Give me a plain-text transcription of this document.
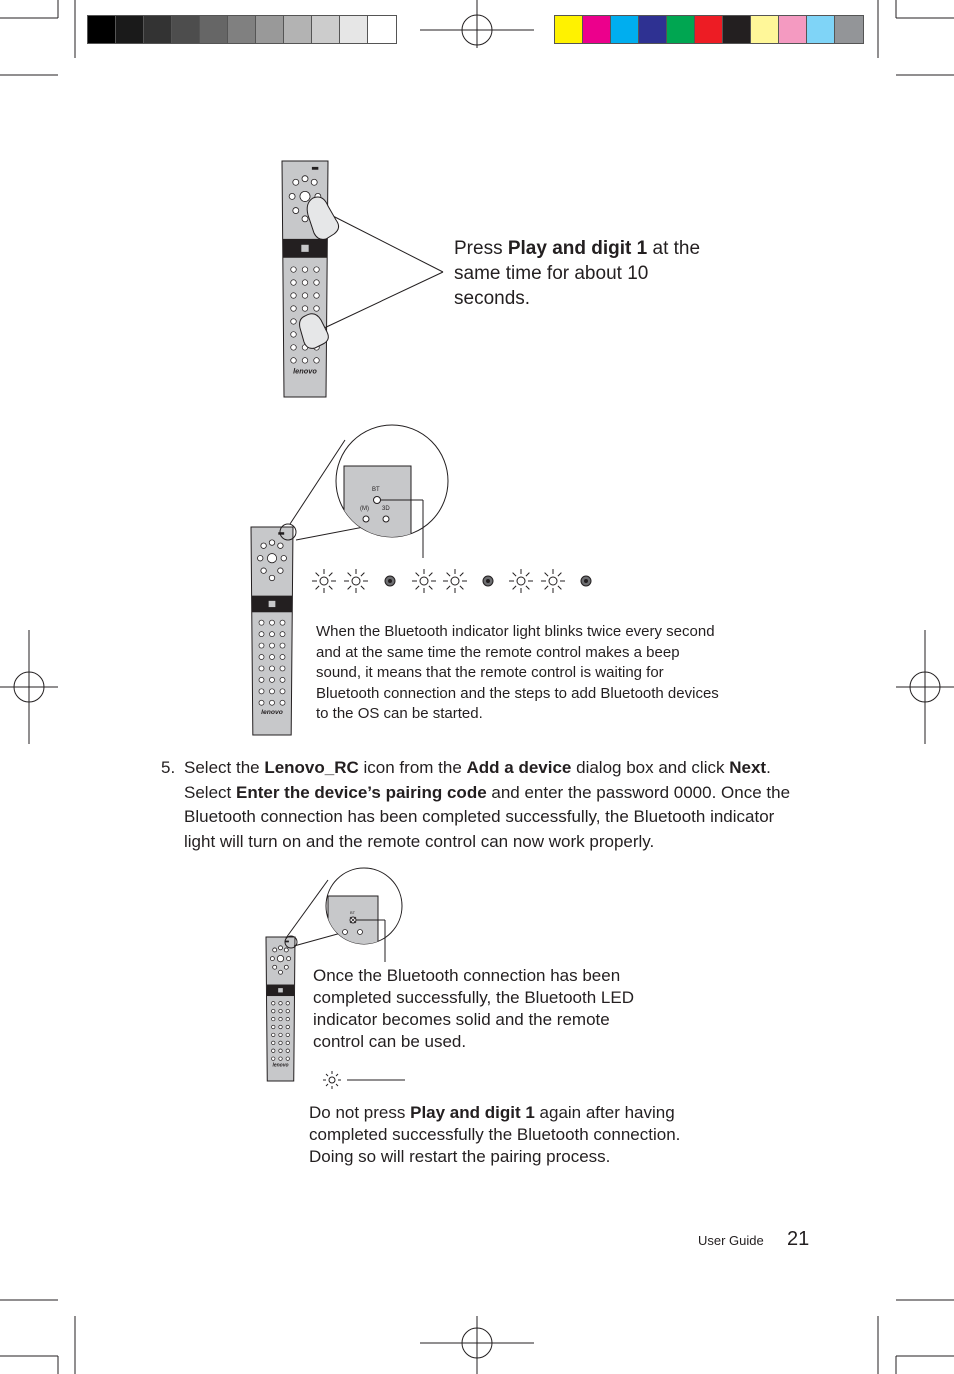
lenovo
Press Play and digit 1 at the same time for about 10 seconds.
lenovo
BT
(M) 3D
When the Bluetooth indicator light blinks twice every second and at the same time the remote control makes a beep sound, it means that the remote control is waiting for Bluetooth connection and the steps to add Bluetooth devices to the OS can be started.
5. Select the Lenovo_RC icon from the Add a device dialog box and click Next. Select Enter the device’s pairing code and enter the password 0000. Once the Bluetooth connection has been completed successfully, the Bluetooth indicator light will turn on and the remote control can now work properly.
lenovo
BT
Once the Bluetooth connection has been completed successfully, the Bluetooth LED indicator becomes solid and the remote control can be used.
Do not press Play and digit 1 again after having completed successfully the Bluetooth connection. Doing so will restart the pairing process.
User Guide 21
